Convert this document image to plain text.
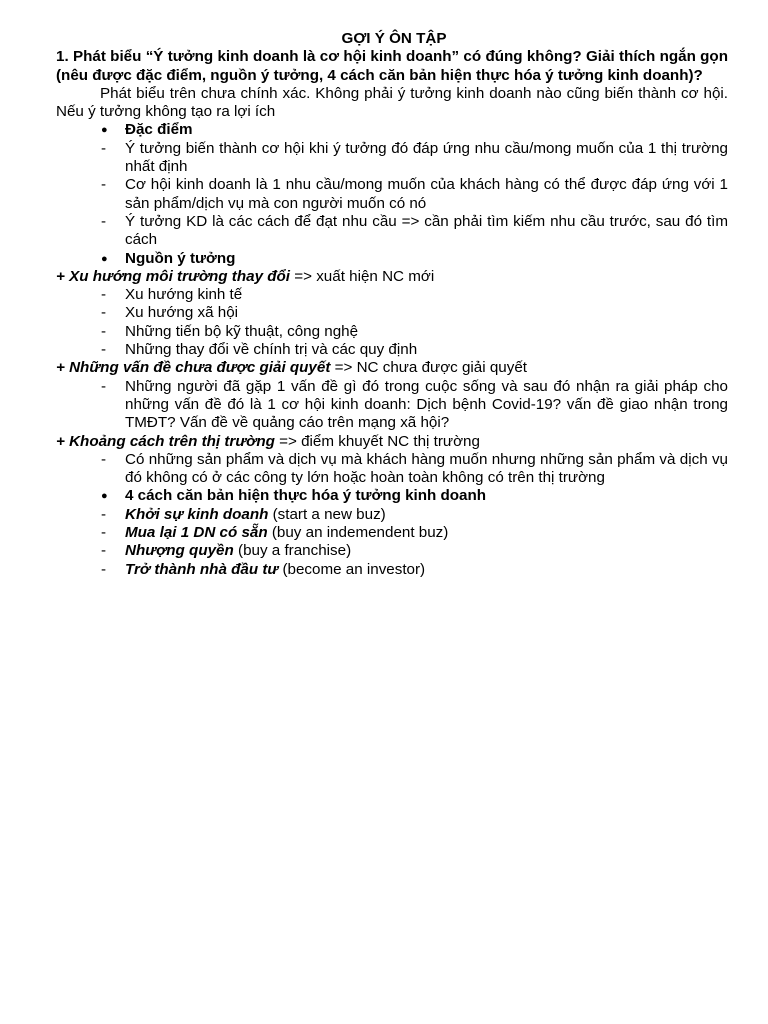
GỢI Ý ÔN TẬP

1. Phát biểu “Ý tưởng kinh doanh là cơ hội kinh doanh” có đúng không? Giải thích ngắn gọn (nêu được đặc điểm, nguồn ý tưởng, 4 cách căn bản hiện thực hóa ý tưởng kinh doanh)?

Phát biểu trên chưa chính xác. Không phải ý tưởng kinh doanh nào cũng biến thành cơ hội. Nếu ý tưởng không tạo ra lợi ích

●	Đặc điểm
-	Ý tưởng biến thành cơ hội khi ý tưởng đó đáp ứng nhu cầu/mong muốn của 1 thị trường nhất định
-	Cơ hội kinh doanh là 1 nhu cầu/mong muốn của khách hàng có thể được đáp ứng với 1 sản phẩm/dịch vụ mà con người muốn có nó
-	Ý tưởng KD là các cách để đạt nhu cầu => cần phải tìm kiếm nhu cầu trước, sau đó tìm cách
●	Nguồn ý tưởng

+ Xu hướng môi trường thay đổi => xuất hiện NC mới

-	Xu hướng kinh tế
-	Xu hướng xã hội
-	Những tiến bộ kỹ thuật, công nghệ
-	Những thay đổi về chính trị và các quy định

+ Những vấn đề chưa được giải quyết => NC chưa được giải quyết

-	Những người đã gặp 1 vấn đề gì đó trong cuộc sống và sau đó nhận ra giải pháp cho những vấn đề đó là 1 cơ hội kinh doanh: Dịch bệnh Covid-19? vấn đề giao nhận trong TMĐT? Vấn đề về quảng cáo trên mạng xã hội?

+ Khoảng cách trên thị trường => điểm khuyết NC thị trường

-	Có những sản phẩm và dịch vụ mà khách hàng muốn nhưng những sản phẩm và dịch vụ đó không có ở các công ty lớn hoặc hoàn toàn không có trên thị trường
●	4 cách căn bản hiện thực hóa ý tưởng kinh doanh
-	Khởi sự kinh doanh (start a new buz)
-	Mua lại 1 DN có sẵn (buy an indemendent buz)
-	Nhượng quyền (buy a franchise)
-	Trở thành nhà đầu tư (become an investor)
